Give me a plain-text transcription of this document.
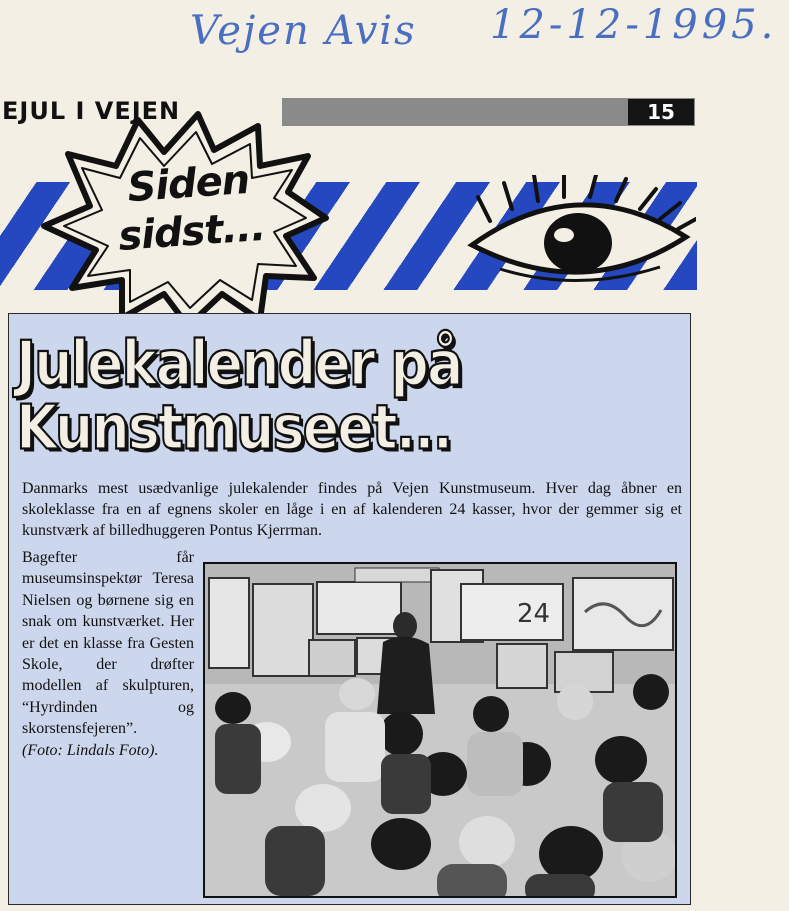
Vejen Avis 12-12-1995.
EJUL I VEJEN	15
Siden
sidst...
Julekalender på
Kunstmuseet...
Danmarks mest usædvanlige julekalender findes på Vejen Kunstmuseum. Hver dag åbner en skoleklasse fra en af egnens skoler en låge i en af kalenderen 24 kasser, hvor der gemmer sig et kunstværk af billedhuggeren Pontus Kjerrman.
Bagefter får museumsinspektør Teresa Nielsen og børnene sig en snak om kunstværket. Her er det en klasse fra Gesten Skole, der drøfter modellen af skulpturen, “Hyrdinden og skorstensfejeren”.
(Foto: Lindals Foto).
24
